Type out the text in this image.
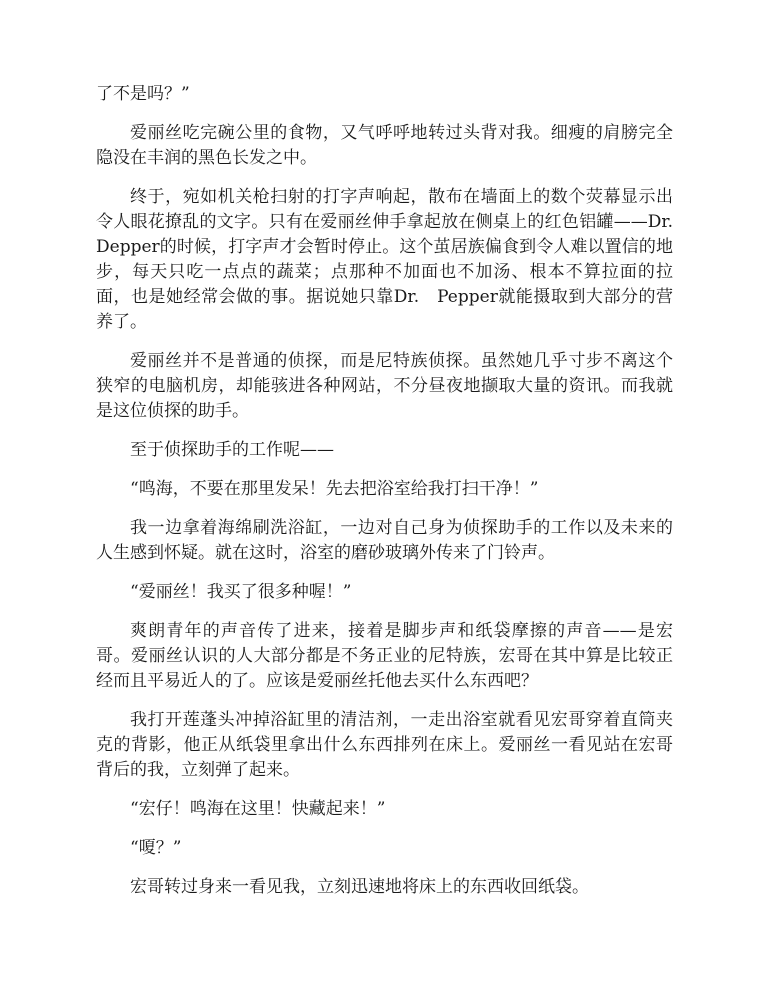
了不是吗？”

爱丽丝吃完碗公里的食物，又气呼呼地转过头背对我。细瘦的肩膀完全隐没在丰润的黑色长发之中。

终于，宛如机关枪扫射的打字声响起，散布在墙面上的数个荧幕显示出令人眼花撩乱的文字。只有在爱丽丝伸手拿起放在侧桌上的红色铝罐——Dr.Depper的时候，打字声才会暂时停止。这个茧居族偏食到令人难以置信的地步，每天只吃一点点的蔬菜；点那种不加面也不加汤、根本不算拉面的拉面，也是她经常会做的事。据说她只靠Dr.　Pepper就能摄取到大部分的营养了。

爱丽丝并不是普通的侦探，而是尼特族侦探。虽然她几乎寸步不离这个狭窄的电脑机房，却能骇进各种网站，不分昼夜地撷取大量的资讯。而我就是这位侦探的助手。

至于侦探助手的工作呢——

“鸣海，不要在那里发呆！先去把浴室给我打扫干净！”

我一边拿着海绵刷洗浴缸，一边对自己身为侦探助手的工作以及未来的人生感到怀疑。就在这时，浴室的磨砂玻璃外传来了门铃声。

“爱丽丝！我买了很多种喔！”

爽朗青年的声音传了进来，接着是脚步声和纸袋摩擦的声音——是宏哥。爱丽丝认识的人大部分都是不务正业的尼特族，宏哥在其中算是比较正经而且平易近人的了。应该是爱丽丝托他去买什么东西吧？

我打开莲蓬头冲掉浴缸里的清洁剂，一走出浴室就看见宏哥穿着直筒夹克的背影，他正从纸袋里拿出什么东西排列在床上。爱丽丝一看见站在宏哥背后的我，立刻弹了起来。

“宏仔！鸣海在这里！快藏起来！”

“嗄？”

宏哥转过身来一看见我，立刻迅速地将床上的东西收回纸袋。
